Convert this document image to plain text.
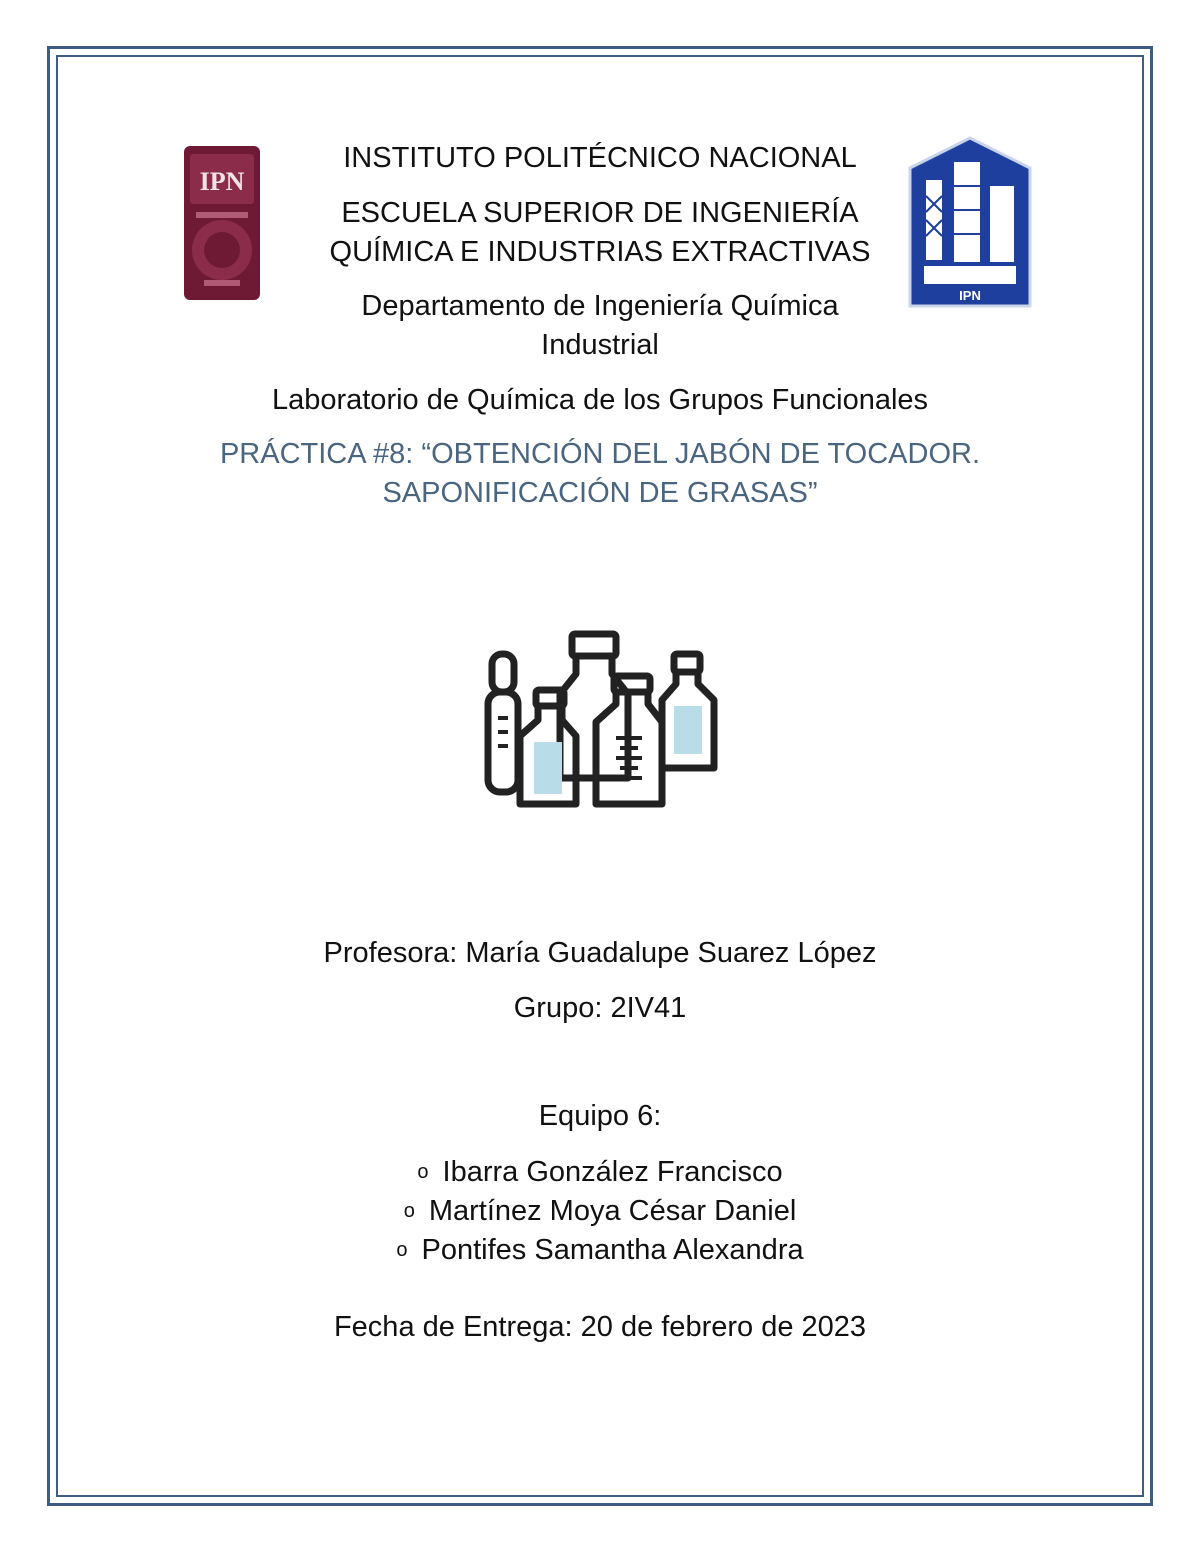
IPN
IPN
INSTITUTO POLITÉCNICO NACIONAL
ESCUELA SUPERIOR DE INGENIERÍA
QUÍMICA E INDUSTRIAS EXTRACTIVAS
Departamento de Ingeniería Química
Industrial
Laboratorio de Química de los Grupos Funcionales
PRÁCTICA #8: “OBTENCIÓN DEL JABÓN DE TOCADOR.
SAPONIFICACIÓN DE GRASAS”
Profesora: María Guadalupe Suarez López
Grupo: 2IV41
Equipo 6:
o Ibarra González Francisco
o Martínez Moya César Daniel
o Pontifes Samantha Alexandra
Fecha de Entrega: 20 de febrero de 2023
